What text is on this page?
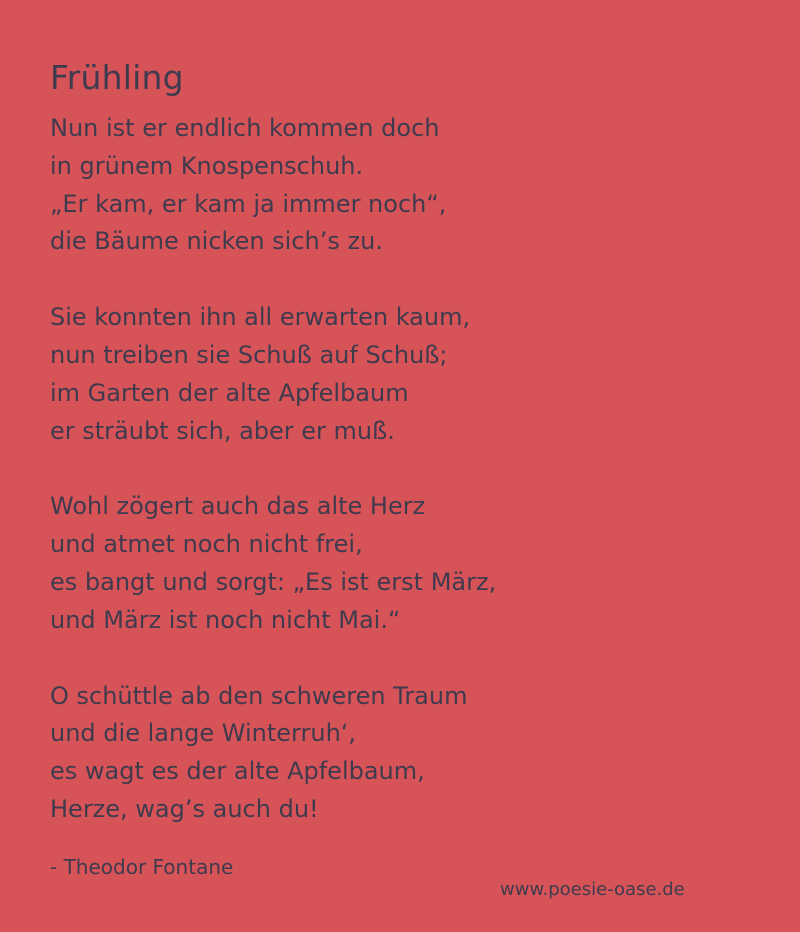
Frühling
Nun ist er endlich kommen doch
in grünem Knospenschuh.
„Er kam, er kam ja immer noch“,
die Bäume nicken sich’s zu.
Sie konnten ihn all erwarten kaum,
nun treiben sie Schuß auf Schuß;
im Garten der alte Apfelbaum
er sträubt sich, aber er muß.
Wohl zögert auch das alte Herz
und atmet noch nicht frei,
es bangt und sorgt: „Es ist erst März,
und März ist noch nicht Mai.“
O schüttle ab den schweren Traum
und die lange Winterruh‘,
es wagt es der alte Apfelbaum,
Herze, wag’s auch du!
- Theodor Fontane
www.poesie-oase.de
